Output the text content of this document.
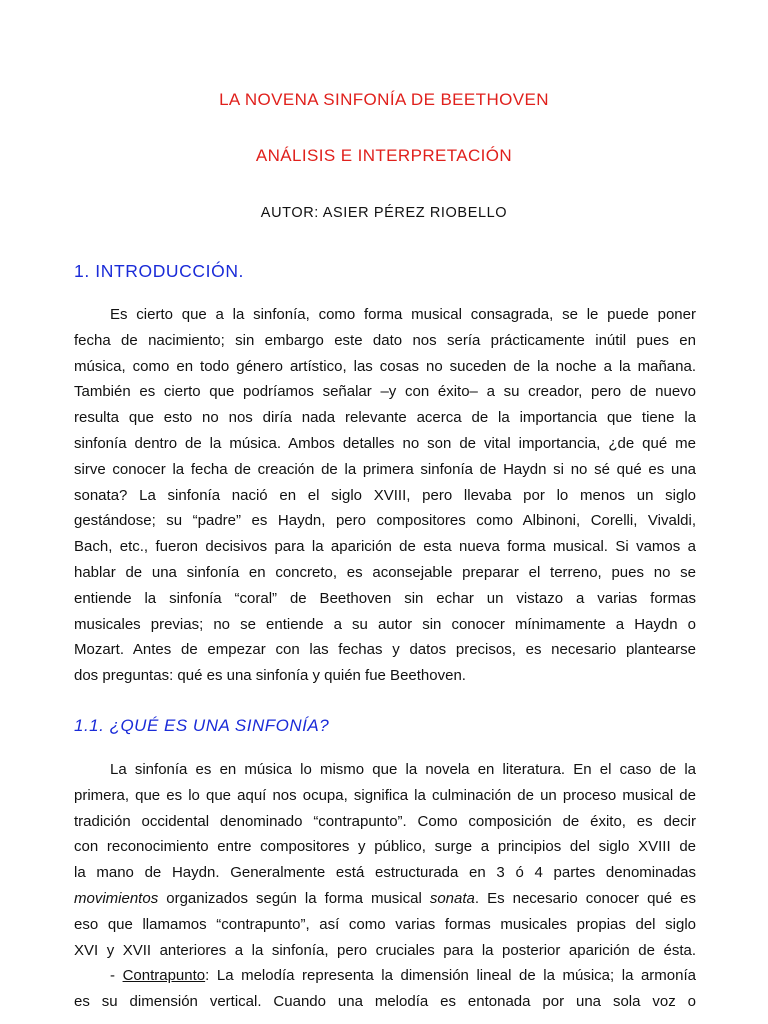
LA NOVENA SINFONÍA DE BEETHOVEN
ANÁLISIS E INTERPRETACIÓN
AUTOR: ASIER PÉREZ RIOBELLO
1. INTRODUCCIÓN.
Es cierto que a la sinfonía, como forma musical consagrada, se le puede poner
fecha de nacimiento; sin embargo este dato nos sería prácticamente inútil pues en
música, como en todo género artístico, las cosas no suceden de la noche a la mañana.
También es cierto que podríamos señalar –y con éxito– a su creador, pero de nuevo
resulta que esto no nos diría nada relevante acerca de la importancia que tiene la
sinfonía dentro de la música. Ambos detalles no son de vital importancia, ¿de qué me
sirve conocer la fecha de creación de la primera sinfonía de Haydn si no sé qué es una
sonata? La sinfonía nació en el siglo XVIII, pero llevaba por lo menos un siglo
gestándose; su “padre” es Haydn, pero compositores como Albinoni, Corelli, Vivaldi,
Bach, etc., fueron decisivos para la aparición de esta nueva forma musical. Si vamos a
hablar de una sinfonía en concreto, es aconsejable preparar el terreno, pues no se
entiende la sinfonía “coral” de Beethoven sin echar un vistazo a varias formas
musicales previas; no se entiende a su autor sin conocer mínimamente a Haydn o
Mozart. Antes de empezar con las fechas y datos precisos, es necesario plantearse
dos preguntas: qué es una sinfonía y quién fue Beethoven.
1.1. ¿QUÉ ES UNA SINFONÍA?
La sinfonía es en música lo mismo que la novela en literatura. En el caso de la
primera, que es lo que aquí nos ocupa, significa la culminación de un proceso musical de
tradición occidental denominado “contrapunto”. Como composición de éxito, es decir
con reconocimiento entre compositores y público, surge a principios del siglo XVIII de
la mano de Haydn. Generalmente está estructurada en 3 ó 4 partes denominadas
movimientos organizados según la forma musical sonata. Es necesario conocer qué es
eso que llamamos “contrapunto”, así como varias formas musicales propias del siglo
XVI y XVII anteriores a la sinfonía, pero cruciales para la posterior aparición de ésta.
- Contrapunto: La melodía representa la dimensión lineal de la música; la armonía
es su dimensión vertical. Cuando una melodía es entonada por una sola voz o
